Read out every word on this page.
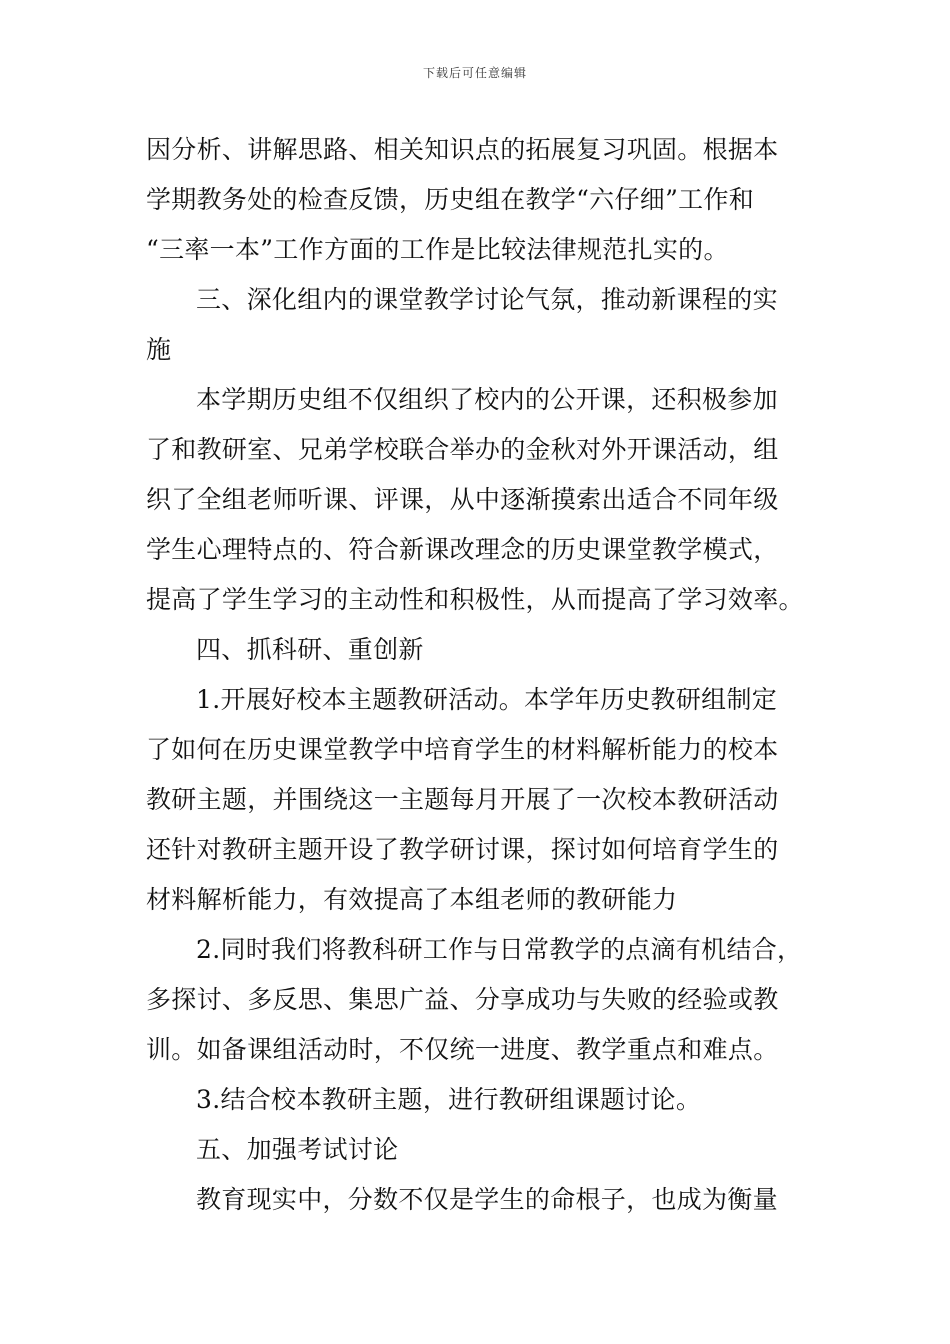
下载后可任意编辑
因分析、讲解思路、相关知识点的拓展复习巩固。根据本
学期教务处的检查反馈，历史组在教学“六仔细”工作和
“三率一本”工作方面的工作是比较法律规范扎实的。
三、深化组内的课堂教学讨论气氛，推动新课程的实
施
本学期历史组不仅组织了校内的公开课，还积极参加
了和教研室、兄弟学校联合举办的金秋对外开课活动，组
织了全组老师听课、评课，从中逐渐摸索出适合不同年级
学生心理特点的、符合新课改理念的历史课堂教学模式，
提高了学生学习的主动性和积极性，从而提高了学习效率。
四、抓科研、重创新
1.开展好校本主题教研活动。本学年历史教研组制定
了如何在历史课堂教学中培育学生的材料解析能力的校本
教研主题，并围绕这一主题每月开展了一次校本教研活动
还针对教研主题开设了教学研讨课，探讨如何培育学生的
材料解析能力，有效提高了本组老师的教研能力
2.同时我们将教科研工作与日常教学的点滴有机结合，
多探讨、多反思、集思广益、分享成功与失败的经验或教
训。如备课组活动时，不仅统一进度、教学重点和难点。
3.结合校本教研主题，进行教研组课题讨论。
五、加强考试讨论
教育现实中，分数不仅是学生的命根子，也成为衡量
